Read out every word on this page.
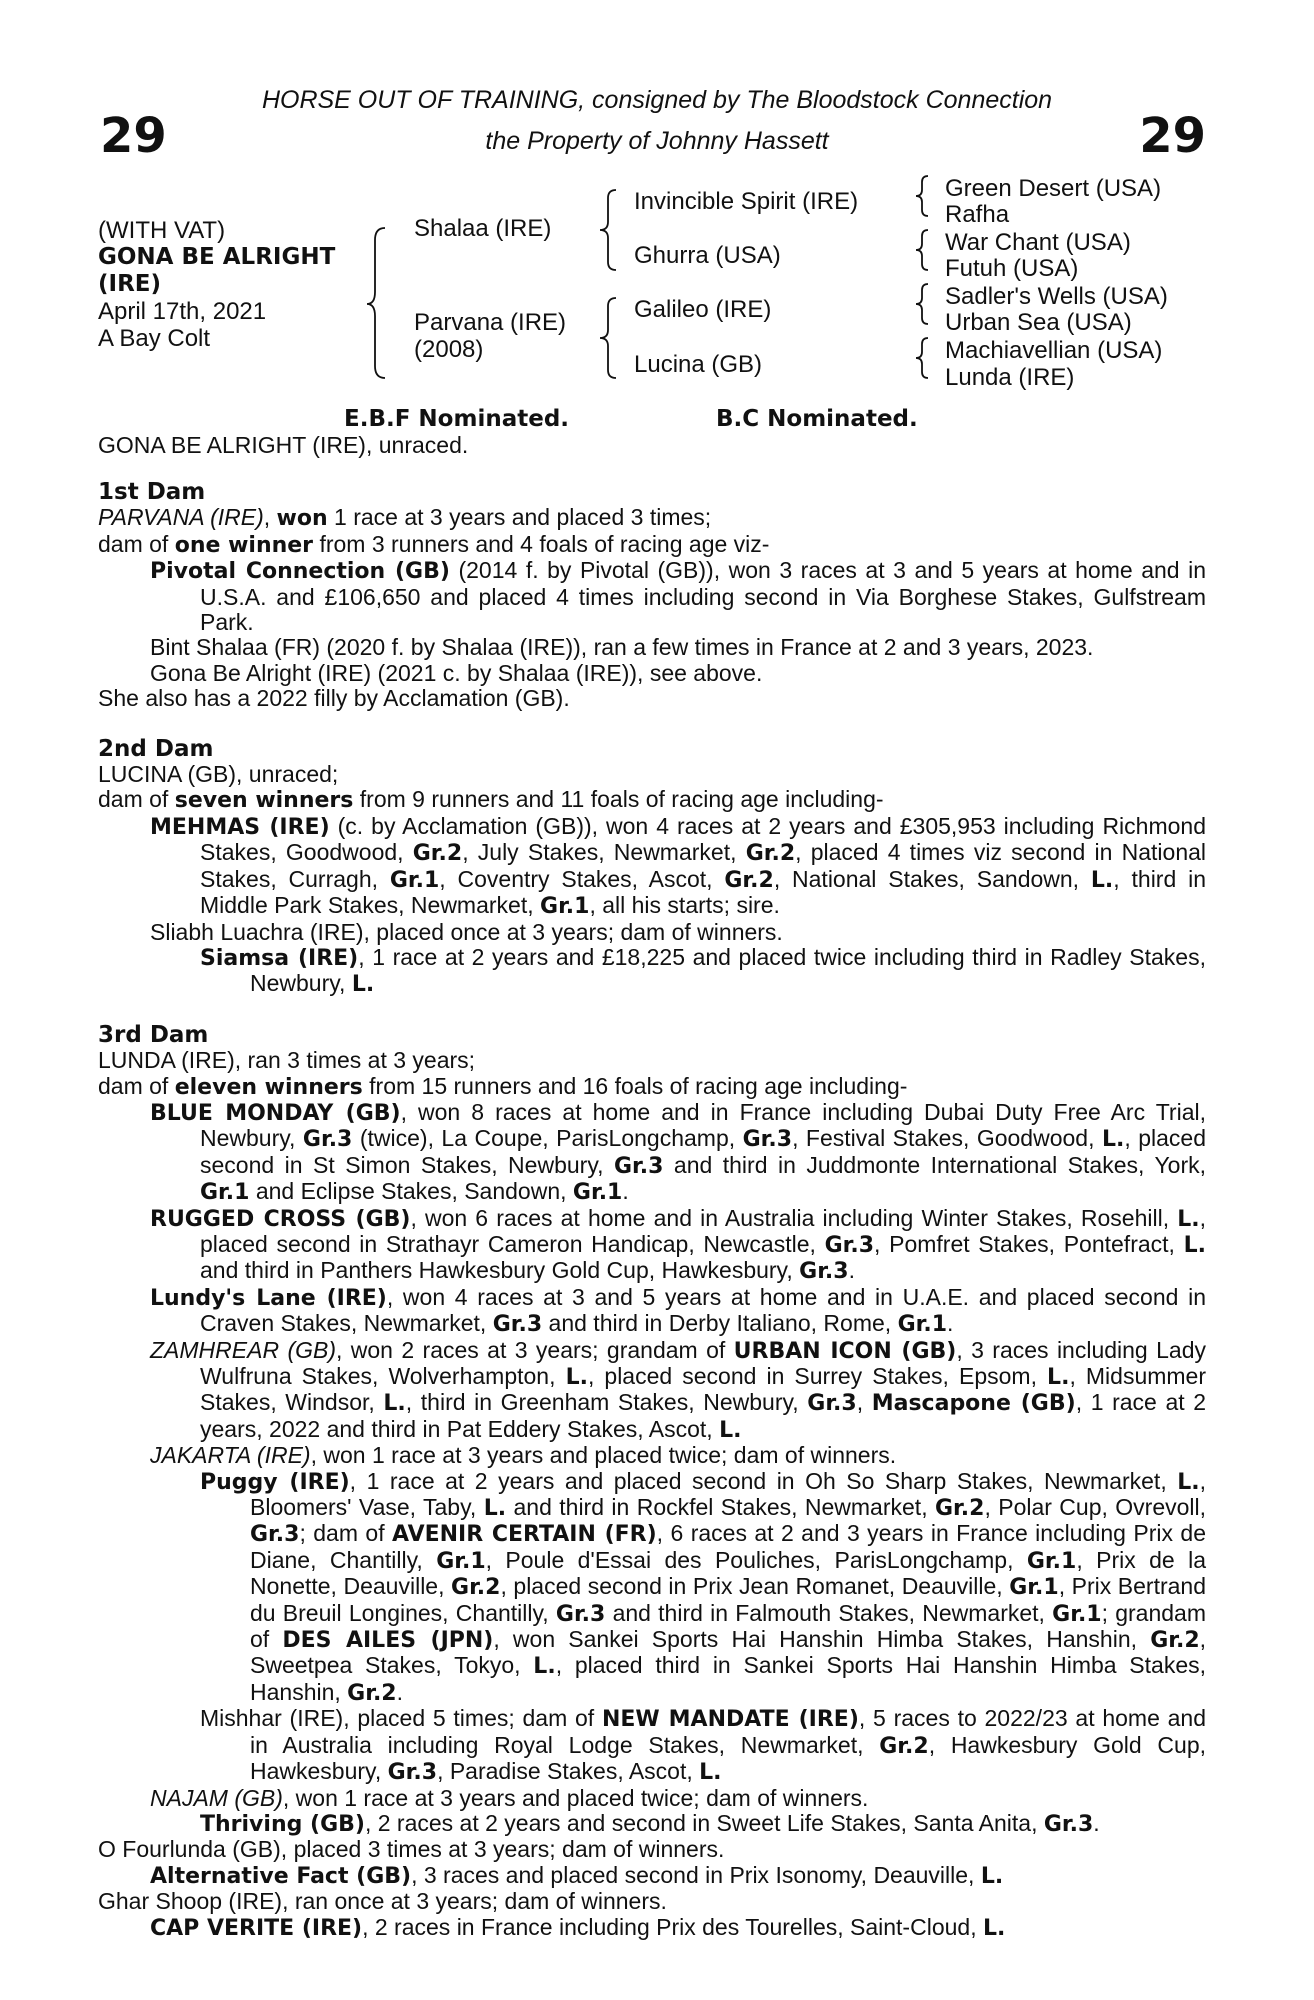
29	29
HORSE OUT OF TRAINING, consigned by The Bloodstock Connection
the Property of Johnny Hassett
(WITH VAT)
GONA BE ALRIGHT
(IRE)
April 17th, 2021
A Bay Colt
Shalaa (IRE)
Parvana (IRE)
(2008)
Invincible Spirit (IRE)
Ghurra (USA)
Galileo (IRE)
Lucina (GB)
Green Desert (USA)
Rafha
War Chant (USA)
Futuh (USA)
Sadler's Wells (USA)
Urban Sea (USA)
Machiavellian (USA)
Lunda (IRE)
E.B.F Nominated.	B.C Nominated.
GONA BE ALRIGHT (IRE), unraced.

1st Dam

PARVANA (IRE), won 1 race at 3 years and placed 3 times;

dam of one winner from 3 runners and 4 foals of racing age viz-

Pivotal Connection (GB) (2014 f. by Pivotal (GB)), won 3 races at 3 and 5 years at home and in U.S.A. and £106,650 and placed 4 times including second in Via Borghese Stakes, Gulfstream Park.

Bint Shalaa (FR) (2020 f. by Shalaa (IRE)), ran a few times in France at 2 and 3 years, 2023.

Gona Be Alright (IRE) (2021 c. by Shalaa (IRE)), see above.

She also has a 2022 filly by Acclamation (GB).

2nd Dam

LUCINA (GB), unraced;

dam of seven winners from 9 runners and 11 foals of racing age including-

MEHMAS (IRE) (c. by Acclamation (GB)), won 4 races at 2 years and £305,953 including Richmond Stakes, Goodwood, Gr.2, July Stakes, Newmarket, Gr.2, placed 4 times viz second in National Stakes, Curragh, Gr.1, Coventry Stakes, Ascot, Gr.2, National Stakes, Sandown, L., third in Middle Park Stakes, Newmarket, Gr.1, all his starts; sire.

Sliabh Luachra (IRE), placed once at 3 years; dam of winners.

Siamsa (IRE), 1 race at 2 years and £18,225 and placed twice including third in Radley Stakes, Newbury, L.

3rd Dam

LUNDA (IRE), ran 3 times at 3 years;

dam of eleven winners from 15 runners and 16 foals of racing age including-

BLUE MONDAY (GB), won 8 races at home and in France including Dubai Duty Free Arc Trial, Newbury, Gr.3 (twice), La Coupe, ParisLongchamp, Gr.3, Festival Stakes, Goodwood, L., placed second in St Simon Stakes, Newbury, Gr.3 and third in Juddmonte International Stakes, York, Gr.1 and Eclipse Stakes, Sandown, Gr.1.

RUGGED CROSS (GB), won 6 races at home and in Australia including Winter Stakes, Rosehill, L., placed second in Strathayr Cameron Handicap, Newcastle, Gr.3, Pomfret Stakes, Pontefract, L. and third in Panthers Hawkesbury Gold Cup, Hawkesbury, Gr.3.

Lundy's Lane (IRE), won 4 races at 3 and 5 years at home and in U.A.E. and placed second in Craven Stakes, Newmarket, Gr.3 and third in Derby Italiano, Rome, Gr.1.

ZAMHREAR (GB), won 2 races at 3 years; grandam of URBAN ICON (GB), 3 races including Lady Wulfruna Stakes, Wolverhampton, L., placed second in Surrey Stakes, Epsom, L., Midsummer Stakes, Windsor, L., third in Greenham Stakes, Newbury, Gr.3, Mascapone (GB), 1 race at 2 years, 2022 and third in Pat Eddery Stakes, Ascot, L.

JAKARTA (IRE), won 1 race at 3 years and placed twice; dam of winners.

Puggy (IRE), 1 race at 2 years and placed second in Oh So Sharp Stakes, Newmarket, L., Bloomers' Vase, Taby, L. and third in Rockfel Stakes, Newmarket, Gr.2, Polar Cup, Ovrevoll, Gr.3; dam of AVENIR CERTAIN (FR), 6 races at 2 and 3 years in France including Prix de Diane, Chantilly, Gr.1, Poule d'Essai des Pouliches, ParisLongchamp, Gr.1, Prix de la Nonette, Deauville, Gr.2, placed second in Prix Jean Romanet, Deauville, Gr.1, Prix Bertrand du Breuil Longines, Chantilly, Gr.3 and third in Falmouth Stakes, Newmarket, Gr.1; grandam of DES AILES (JPN), won Sankei Sports Hai Hanshin Himba Stakes, Hanshin, Gr.2, Sweetpea Stakes, Tokyo, L., placed third in Sankei Sports Hai Hanshin Himba Stakes, Hanshin, Gr.2.

Mishhar (IRE), placed 5 times; dam of NEW MANDATE (IRE), 5 races to 2022/23 at home and in Australia including Royal Lodge Stakes, Newmarket, Gr.2, Hawkesbury Gold Cup, Hawkesbury, Gr.3, Paradise Stakes, Ascot, L.

NAJAM (GB), won 1 race at 3 years and placed twice; dam of winners.

Thriving (GB), 2 races at 2 years and second in Sweet Life Stakes, Santa Anita, Gr.3.

O Fourlunda (GB), placed 3 times at 3 years; dam of winners.

Alternative Fact (GB), 3 races and placed second in Prix Isonomy, Deauville, L.

Ghar Shoop (IRE), ran once at 3 years; dam of winners.

CAP VERITE (IRE), 2 races in France including Prix des Tourelles, Saint-Cloud, L.
